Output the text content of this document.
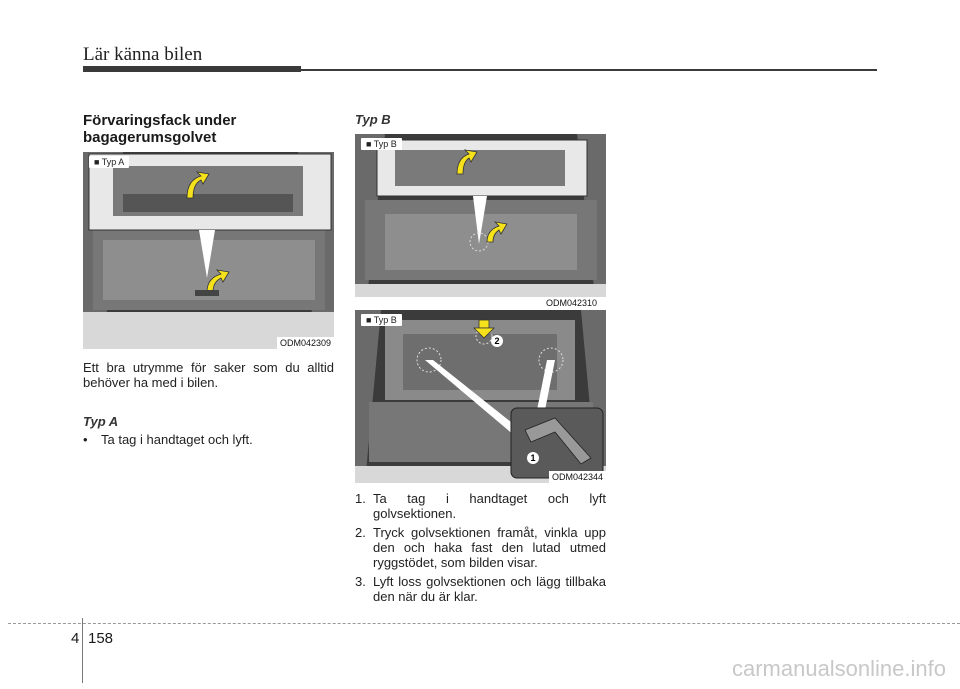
Lär känna bilen
Förvaringsfack under bagagerumsgolvet
■ Typ A
ODM042309
Ett bra utrymme för saker som du alltid behöver ha med i bilen.
Typ A
• Ta tag i handtaget och lyft.
Typ B
■ Typ B
ODM042310
■ Typ B
2
1
ODM042344
1. Ta tag i handtaget och lyft golvsektionen.
2. Tryck golvsektionen framåt, vinkla upp den och haka fast den lutad utmed ryggstödet, som bilden visar.
3. Lyft loss golvsektionen och lägg tillbaka den när du är klar.
4 158
carmanualsonline.info
